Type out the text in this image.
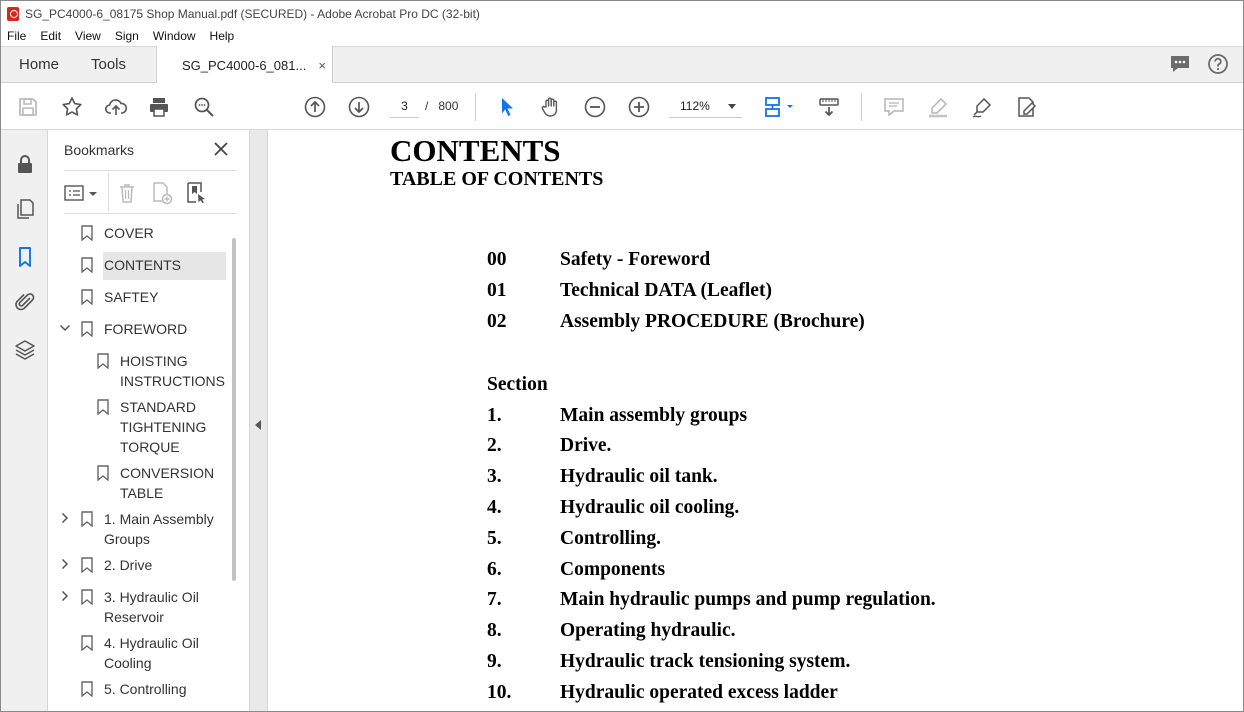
SG_PC4000-6_08175 Shop Manual.pdf (SECURED) - Adobe Acrobat Pro DC (32-bit)
File Edit View Sign Window Help
Home Tools	SG_PC4000-6_081... ×
3	/ 800	112%
Bookmarks
COVER
CONTENTS
SAFTEY
FOREWORD
HOISTING INSTRUCTIONS
STANDARD TIGHTENING TORQUE
CONVERSION TABLE
1. Main Assembly Groups
2. Drive
3. Hydraulic Oil Reservoir
4. Hydraulic Oil Cooling
5. Controlling
CONTENTS
TABLE OF CONTENTS
00	Safety - Foreword
01	Technical DATA (Leaflet)
02	Assembly PROCEDURE (Brochure)
Section
1.	Main assembly groups
2.	Drive.
3.	Hydraulic oil tank.
4.	Hydraulic oil cooling.
5.	Controlling.
6.	Components
7.	Main hydraulic pumps and pump regulation.
8.	Operating hydraulic.
9.	Hydraulic track tensioning system.
10. Hydraulic operated excess ladder
